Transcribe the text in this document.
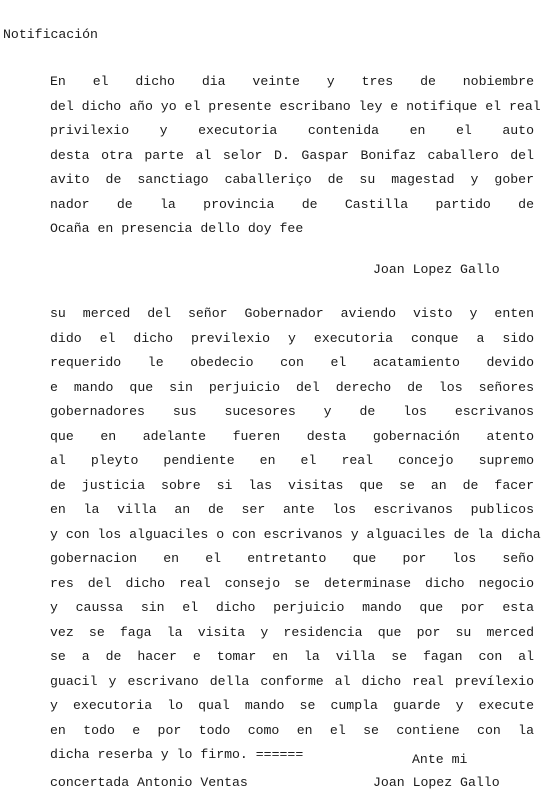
Notificación
En el dicho dia veinte y tres de nobiembre
del dicho año yo el presente escribano ley e notifique el real
privilexio y executoria contenida en el auto
desta otra parte al selor D. Gaspar Bonifaz caballero del
avito de sanctiago caballeriço de su magestad y gober
nador de la provincia de Castilla partido de
Ocaña en presencia dello doy fee
Joan Lopez Gallo
su merced del señor Gobernador aviendo visto y enten
dido el dicho previlexio y executoria conque a sido
requerido le obedecio con el acatamiento devido
e mando que sin perjuicio del derecho de los señores
gobernadores sus sucesores y de los escrivanos
que en adelante fueren desta gobernación atento
al pleyto pendiente en el real concejo supremo
de justicia sobre si las visitas que se an de facer
en la villa an de ser ante los escrivanos publicos
y con los alguaciles o con escrivanos y alguaciles de la dicha
gobernacion en el entretanto que por los seño
res del dicho real consejo se determinase dicho negocio
y caussa sin el dicho perjuicio mando que por esta
vez se faga la visita y residencia que por su merced
se a de hacer e tomar en la villa se fagan con al
guacil y escrivano della conforme al dicho real prevílexio
y executoria lo qual mando se cumpla guarde y execute
en todo e por todo como en el se contiene con la
dicha reserba y lo firmo. ======	Ante mi
concertada Antonio Ventas	Joan Lopez Gallo
